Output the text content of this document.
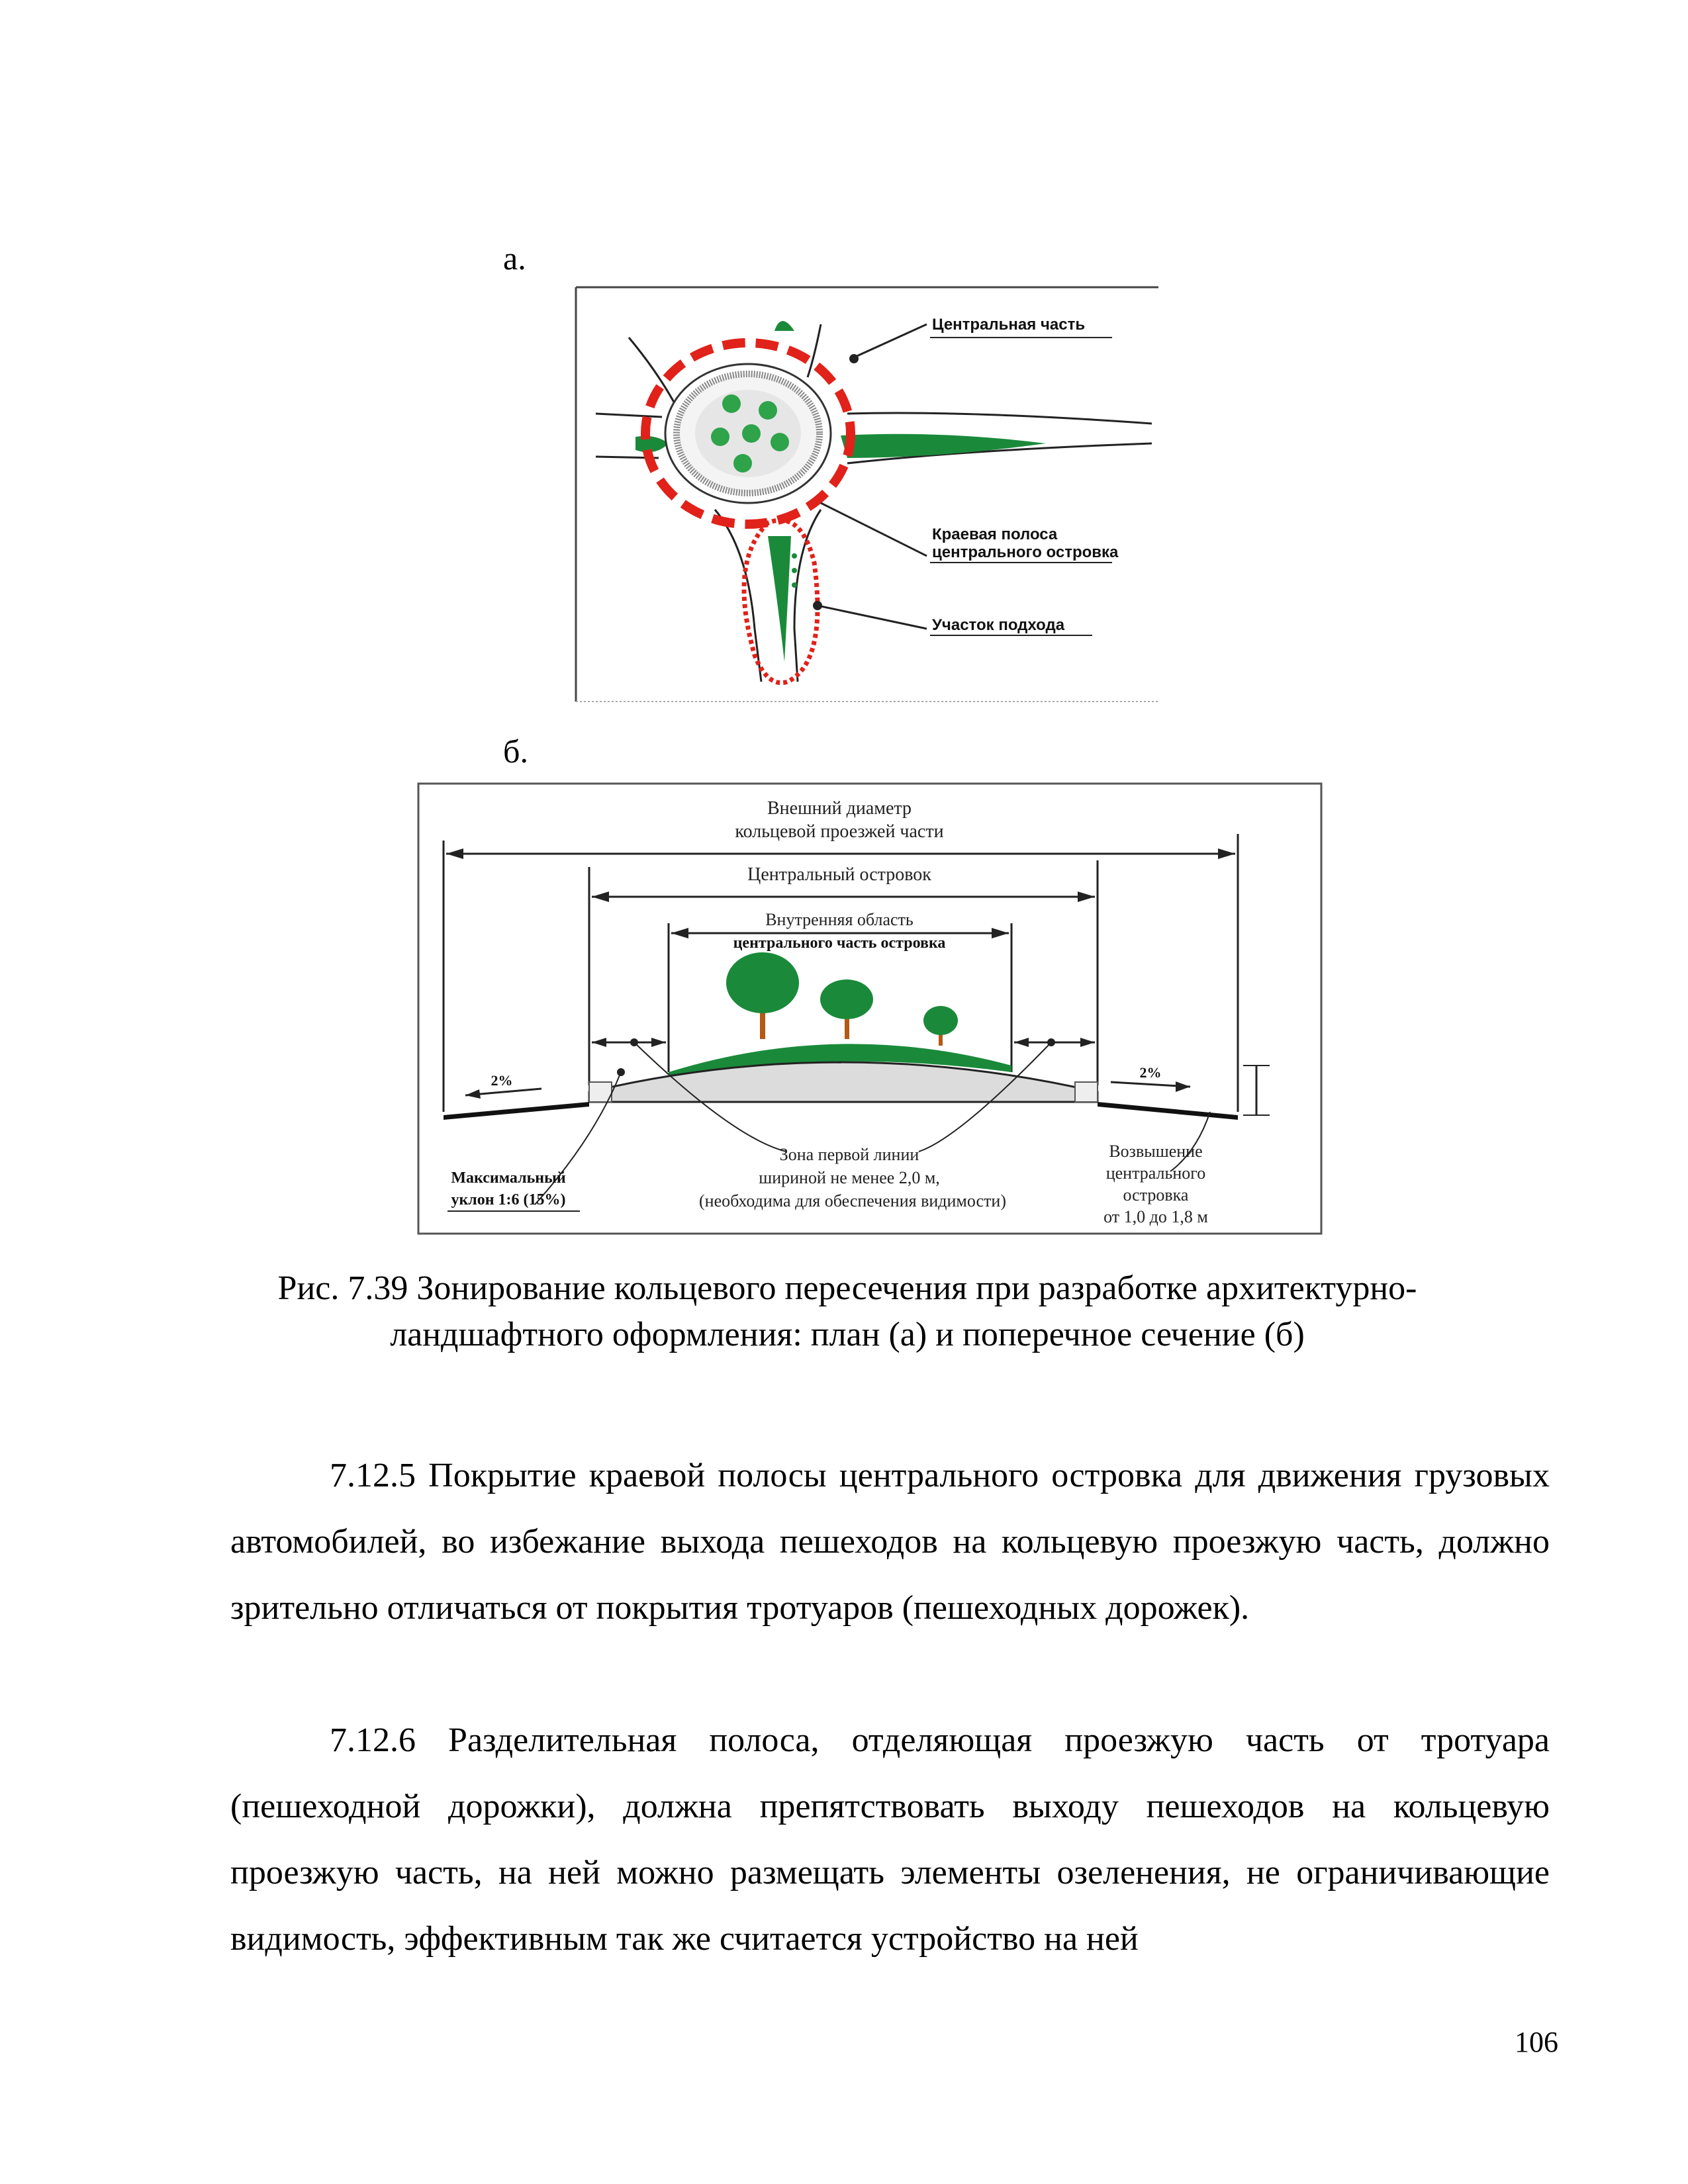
а.
Центральная часть
Краевая полоса
центрального островка
Участок подхода
б.
Внешний диаметр
кольцевой проезжей части
Центральный островок
Внутренняя область
центрального часть островка
2%	2%
Зона первой линии
шириной не менее 2,0 м,
(необходима для обеспечения видимости)
Возвышение
центрального
островка
от 1,0 до 1,8 м
Максимальный
уклон 1:6 (15%)
Рис. 7.39 Зонирование кольцевого пересечения при разработке архитектурно-
ландшафтного оформления: план (а) и поперечное сечение (б)
7.12.5 Покрытие краевой полосы центрального островка для движения грузовых автомобилей, во избежание выхода пешеходов на кольцевую проезжую часть, должно зрительно отличаться от покрытия тротуаров (пешеходных дорожек).
7.12.6 Разделительная полоса, отделяющая проезжую часть от тротуара (пешеходной дорожки), должна препятствовать выходу пешеходов на кольцевую проезжую часть, на ней можно размещать элементы озеленения, не ограничивающие видимость, эффективным так же считается устройство на ней
106
